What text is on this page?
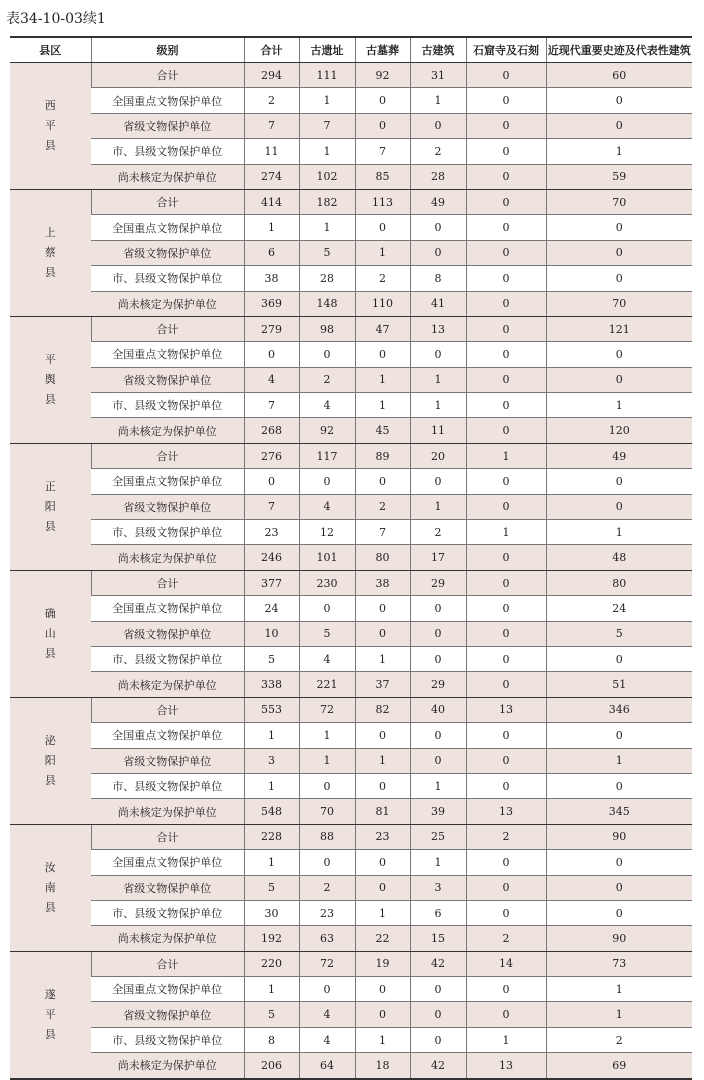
表34-10-03续1
县区	级别	合计	古遗址	古墓葬	古建筑	石窟寺及石刻	近现代重要史迹及代表性建筑

西平县	合计	294	111	92	31	0	60
	全国重点文物保护单位	2	1	0	1	0	0
	省级文物保护单位	7	7	0	0	0	0
	市、县级文物保护单位	11	1	7	2	0	1
	尚未核定为保护单位	274	102	85	28	0	59

上蔡县	合计	414	182	113	49	0	70
	全国重点文物保护单位	1	1	0	0	0	0
	省级文物保护单位	6	5	1	0	0	0
	市、县级文物保护单位	38	28	2	8	0	0
	尚未核定为保护单位	369	148	110	41	0	70

平舆县	合计	279	98	47	13	0	121
	全国重点文物保护单位	0	0	0	0	0	0
	省级文物保护单位	4	2	1	1	0	0
	市、县级文物保护单位	7	4	1	1	0	1
	尚未核定为保护单位	268	92	45	11	0	120

正阳县	合计	276	117	89	20	1	49
	全国重点文物保护单位	0	0	0	0	0	0
	省级文物保护单位	7	4	2	1	0	0
	市、县级文物保护单位	23	12	7	2	1	1
	尚未核定为保护单位	246	101	80	17	0	48

确山县	合计	377	230	38	29	0	80
	全国重点文物保护单位	24	0	0	0	0	24
	省级文物保护单位	10	5	0	0	0	5
	市、县级文物保护单位	5	4	1	0	0	0
	尚未核定为保护单位	338	221	37	29	0	51

泌阳县	合计	553	72	82	40	13	346
	全国重点文物保护单位	1	1	0	0	0	0
	省级文物保护单位	3	1	1	0	0	1
	市、县级文物保护单位	1	0	0	1	0	0
	尚未核定为保护单位	548	70	81	39	13	345

汝南县	合计	228	88	23	25	2	90
	全国重点文物保护单位	1	0	0	1	0	0
	省级文物保护单位	5	2	0	3	0	0
	市、县级文物保护单位	30	23	1	6	0	0
	尚未核定为保护单位	192	63	22	15	2	90

遂平县	合计	220	72	19	42	14	73
	全国重点文物保护单位	1	0	0	0	0	1
	省级文物保护单位	5	4	0	0	0	1
	市、县级文物保护单位	8	4	1	0	1	2
	尚未核定为保护单位	206	64	18	42	13	69
